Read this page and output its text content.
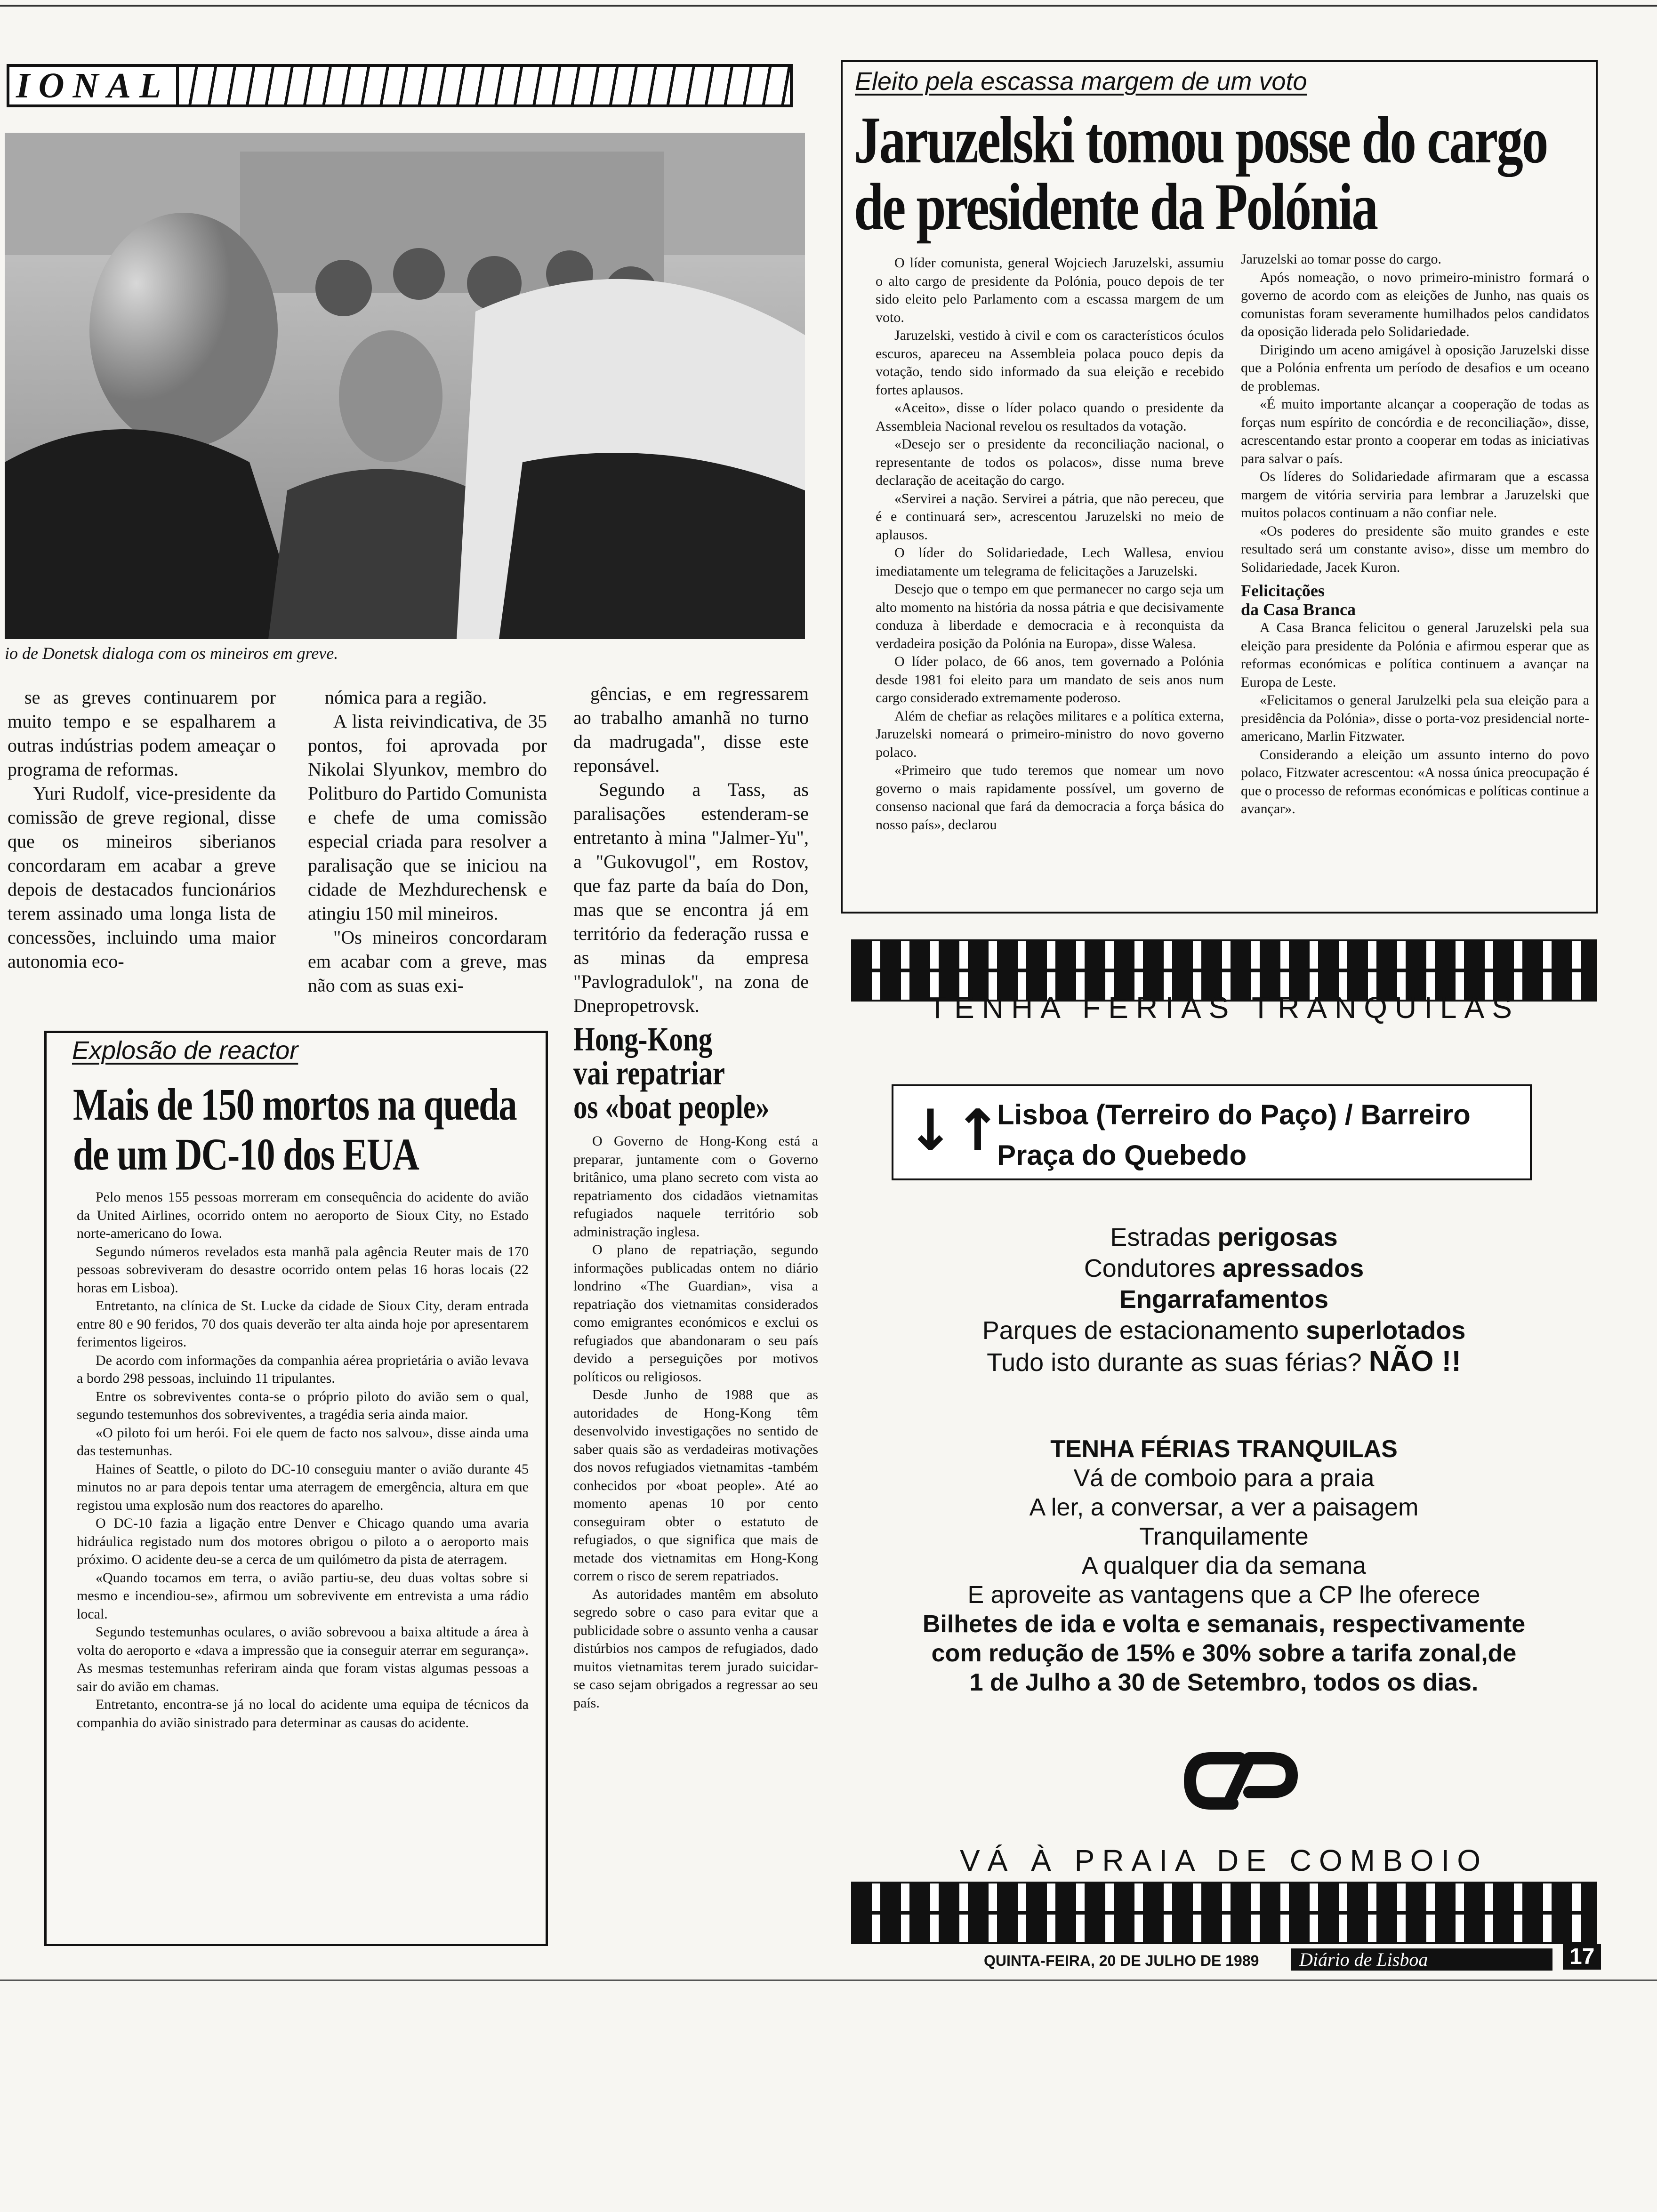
IONAL
io de Donetsk dialoga com os mineiros em greve.

se as greves continuarem por muito tempo e se espalharem a outras indústrias podem ameaçar o programa de reformas.

Yuri Rudolf, vice-presidente da comissão de greve regional, disse que os mineiros siberianos concordaram em acabar a greve depois de destacados funcionários terem assinado uma longa lista de concessões, incluindo uma maior autonomia eco-

nómica para a região.

A lista reivindicativa, de 35 pontos, foi aprovada por Nikolai Slyunkov, membro do Politburo do Partido Comunista e chefe de uma comissão especial criada para resolver a paralisação que se iniciou na cidade de Mezhdurechensk e atingiu 150 mil mineiros.

"Os mineiros concordaram em acabar com a greve, mas não com as suas exi-

gências, e em regressarem ao trabalho amanhã no turno da madrugada", disse este reponsável.

Segundo a Tass, as paralisações estenderam-se entretanto à mina "Jalmer-Yu", a "Gukovugol", em Rostov, que faz parte da baía do Don, mas que se encontra já em território da federação russa e as minas da empresa "Pavlogradulok", na zona de Dnepropetrovsk.

Eleito pela escassa margem de um voto
Jaruzelski tomou posse do cargo
de presidente da Polónia

O líder comunista, general Wojciech Jaruzelski, assumiu o alto cargo de presidente da Polónia, pouco depois de ter sido eleito pelo Parlamento com a escassa margem de um voto.

Jaruzelski, vestido à civil e com os característicos óculos escuros, apareceu na Assembleia polaca pouco depis da votação, tendo sido informado da sua eleição e recebido fortes aplausos.

«Aceito», disse o líder polaco quando o presidente da Assembleia Nacional revelou os resultados da votação.

«Desejo ser o presidente da reconciliação nacional, o representante de todos os polacos», disse numa breve declaração de aceitação do cargo.

«Servirei a nação. Servirei a pátria, que não pereceu, que é e continuará ser», acrescentou Jaruzelski no meio de aplausos.

O líder do Solidariedade, Lech Wallesa, enviou imediatamente um telegrama de felicitações a Jaruzelski.

Desejo que o tempo em que permanecer no cargo seja um alto momento na história da nossa pátria e que decisivamente conduza à liberdade e democracia e à reconquista da verdadeira posição da Polónia na Europa», disse Walesa.

O líder polaco, de 66 anos, tem governado a Polónia desde 1981 foi eleito para um mandato de seis anos num cargo considerado extremamente poderoso.

Além de chefiar as relações militares e a política externa, Jaruzelski nomeará o primeiro-ministro do novo governo polaco.

«Primeiro que tudo teremos que nomear um novo governo o mais rapidamente possível, um governo de consenso nacional que fará da democracia a força básica do nosso país», declarou

Jaruzelski ao tomar posse do cargo.

Após nomeação, o novo primeiro-ministro formará o governo de acordo com as eleições de Junho, nas quais os comunistas foram severamente humilhados pelos candidatos da oposição liderada pelo Solidariedade.

Dirigindo um aceno amigável à oposição Jaruzelski disse que a Polónia enfrenta um período de desafios e um oceano de problemas.

«É muito importante alcançar a cooperação de todas as forças num espírito de concórdia e de reconciliação», disse, acrescentando estar pronto a cooperar em todas as iniciativas para salvar o país.

Os líderes do Solidariedade afirmaram que a escassa margem de vitória serviria para lembrar a Jaruzelski que muitos polacos continuam a não confiar nele.

«Os poderes do presidente são muito grandes e este resultado será um constante aviso», disse um membro do Solidariedade, Jacek Kuron.

Felicitações
da Casa Branca

A Casa Branca felicitou o general Jaruzelski pela sua eleição para presidente da Polónia e afirmou esperar que as reformas económicas e política continuem a avançar na Europa de Leste.

«Felicitamos o general Jarulzelki pela sua eleição para a presidência da Polónia», disse o porta-voz presidencial norte-americano, Marlin Fitzwater.

Considerando a eleição um assunto interno do povo polaco, Fitzwater acrescentou: «A nossa única preocupação é que o processo de reformas económicas e políticas continue a avançar».

Explosão de reactor
Mais de 150 mortos na queda
de um DC-10 dos EUA

Pelo menos 155 pessoas morreram em consequência do acidente do avião da United Airlines, ocorrido ontem no aeroporto de Sioux City, no Estado norte-americano do Iowa.

Segundo números revelados esta manhã pala agência Reuter mais de 170 pessoas sobreviveram do desastre ocorrido ontem pelas 16 horas locais (22 horas em Lisboa).

Entretanto, na clínica de St. Lucke da cidade de Sioux City, deram entrada entre 80 e 90 feridos, 70 dos quais deverão ter alta ainda hoje por apresentarem ferimentos ligeiros.

De acordo com informações da companhia aérea proprietária o avião levava a bordo 298 pessoas, incluindo 11 tripulantes.

Entre os sobreviventes conta-se o próprio piloto do avião sem o qual, segundo testemunhos dos sobreviventes, a tragédia seria ainda maior.

«O piloto foi um herói. Foi ele quem de facto nos salvou», disse ainda uma das testemunhas.

Haines of Seattle, o piloto do DC-10 conseguiu manter o avião durante 45 minutos no ar para depois tentar uma aterragem de emergência, altura em que registou uma explosão num dos reactores do aparelho.

O DC-10 fazia a ligação entre Denver e Chicago quando uma avaria hidráulica registado num dos motores obrigou o piloto a o aeroporto mais próximo. O acidente deu-se a cerca de um quilómetro da pista de aterragem.

«Quando tocamos em terra, o avião partiu-se, deu duas voltas sobre si mesmo e incendiou-se», afirmou um sobrevivente em entrevista a uma rádio local.

Segundo testemunhas oculares, o avião sobrevoou a baixa altitude a área à volta do aeroporto e «dava a impressão que ia conseguir aterrar em segurança». As mesmas testemunhas referiram ainda que foram vistas algumas pessoas a sair do avião em chamas.

Entretanto, encontra-se já no local do acidente uma equipa de técnicos da companhia do avião sinistrado para determinar as causas do acidente.

Hong-Kong
vai repatriar
os «boat people»

O Governo de Hong-Kong está a preparar, juntamente com o Governo britânico, uma plano secreto com vista ao repatriamento dos cidadãos vietnamitas refugiados naquele território sob administração inglesa.

O plano de repatriação, segundo informações publicadas ontem no diário londrino «The Guardian», visa a repatriação dos vietnamitas considerados como emigrantes económicos e exclui os refugiados que abandonaram o seu país devido a perseguições por motivos políticos ou religiosos.

Desde Junho de 1988 que as autoridades de Hong-Kong têm desenvolvido investigações no sentido de saber quais são as verdadeiras motivações dos novos refugiados vietnamitas -também conhecidos por «boat people». Até ao momento apenas 10 por cento conseguiram obter o estatuto de refugiados, o que significa que mais de metade dos vietnamitas em Hong-Kong correm o risco de serem repatriados.

As autoridades mantêm em absoluto segredo sobre o caso para evitar que a publicidade sobre o assunto venha a causar distúrbios nos campos de refugiados, dado muitos vietnamitas terem jurado suicidar-se caso sejam obrigados a regressar ao seu país.

TENHA FÉRIAS TRANQUILAS
↓↑
Lisboa (Terreiro do Paço) / Barreiro
Praça do Quebedo
Estradas perigosas
Condutores apressados
Engarrafamentos
Parques de estacionamento superlotados
Tudo isto durante as suas férias? NÃO !!
TENHA FÉRIAS TRANQUILAS
Vá de comboio para a praia
A ler, a conversar, a ver a paisagem
Tranquilamente
A qualquer dia da semana
E aproveite as vantagens que a CP lhe oferece
Bilhetes de ida e volta e semanais, respectivamente
com redução de 15% e 30% sobre a tarifa zonal,de
1 de Julho a 30 de Setembro, todos os dias.
VÁ À PRAIA DE COMBOIO
QUINTA-FEIRA, 20 DE JULHO DE 1989	Diário de Lisboa	17
